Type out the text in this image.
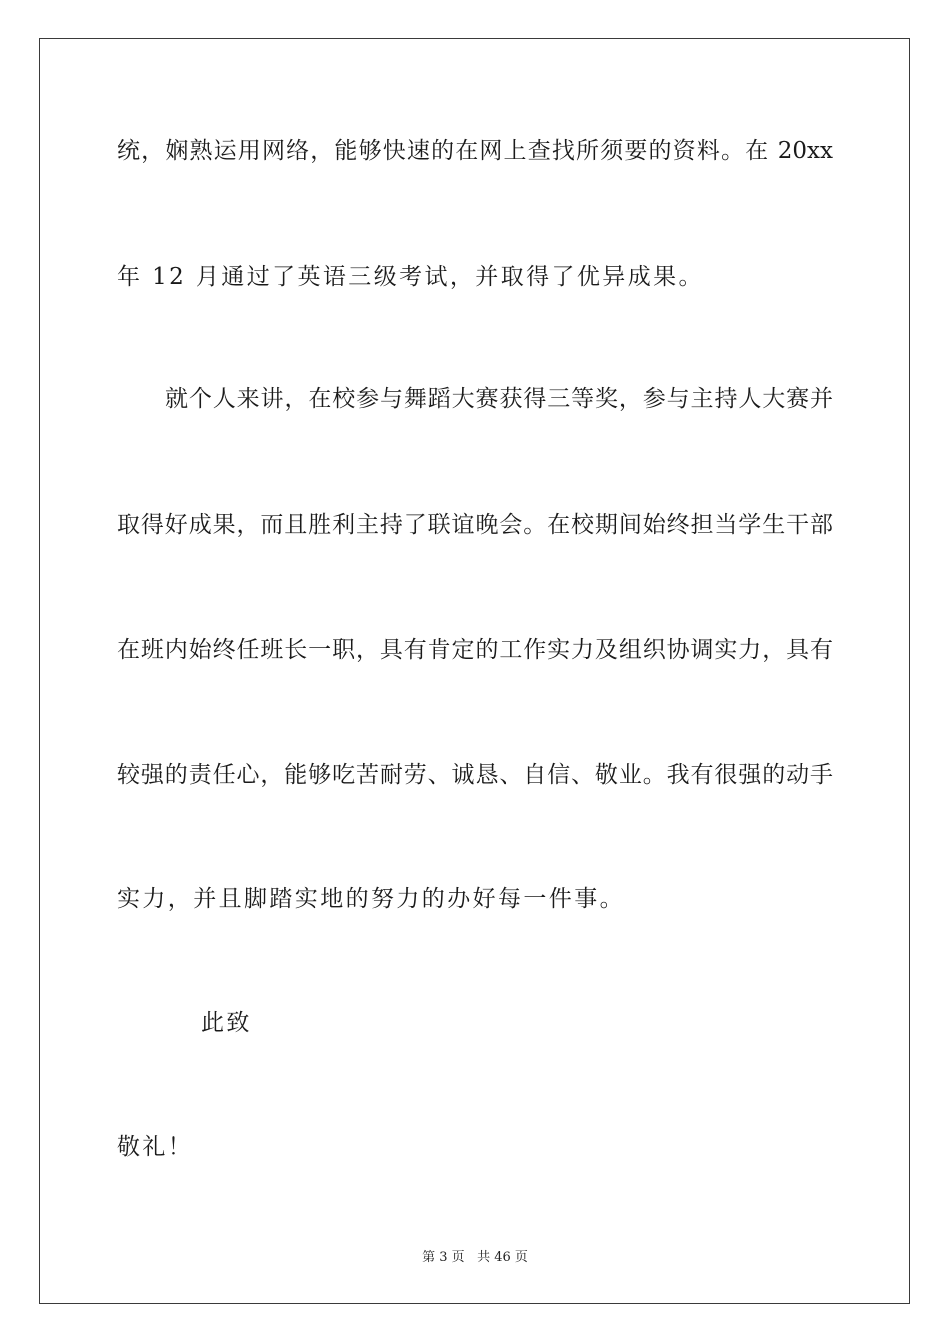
统，娴熟运用网络，能够快速的在网上查找所须要的资料。在 20xx
年 12 月通过了英语三级考试，并取得了优异成果。
就个人来讲，在校参与舞蹈大赛获得三等奖，参与主持人大赛并
取得好成果，而且胜利主持了联谊晚会。在校期间始终担当学生干部
在班内始终任班长一职，具有肯定的工作实力及组织协调实力，具有
较强的责任心，能够吃苦耐劳、诚恳、自信、敬业。我有很强的动手
实力，并且脚踏实地的努力的办好每一件事。
此致
敬礼！
第 3 页 共 46 页
